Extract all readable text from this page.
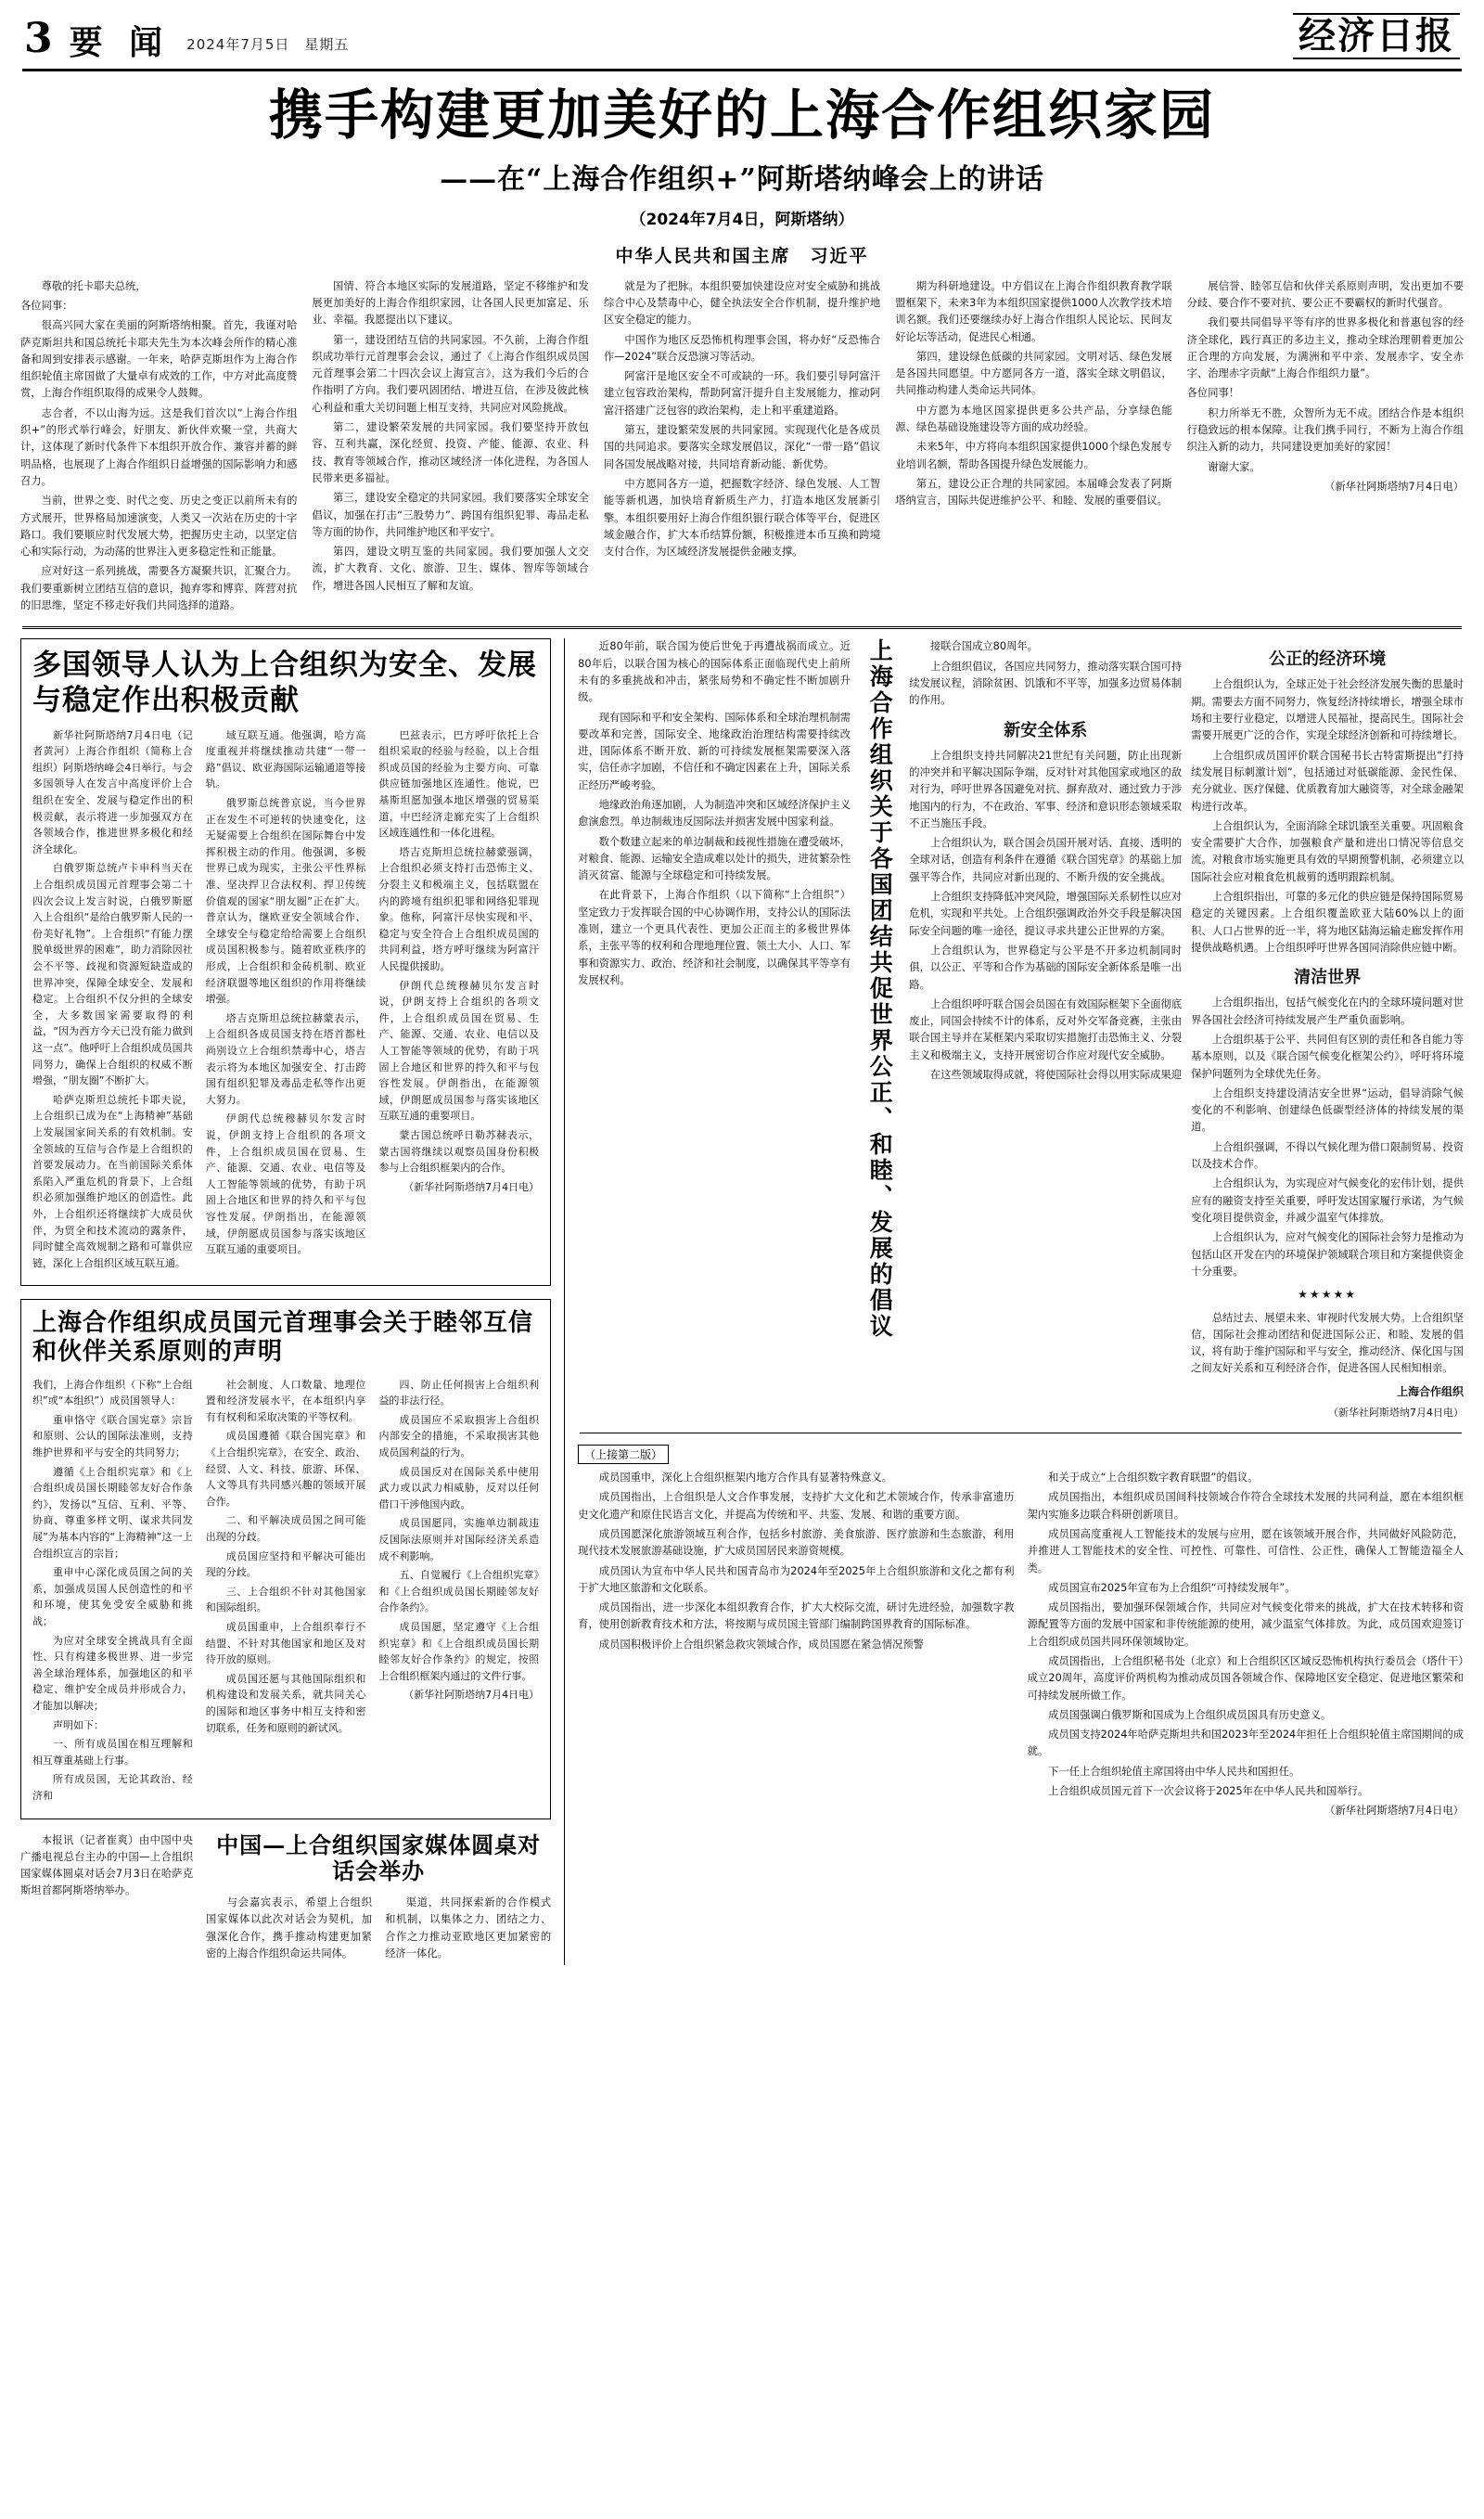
3 要 闻 2024年7月5日　星期五	经济日报
携手构建更加美好的上海合作组织家园
——在“上海合作组织+”阿斯塔纳峰会上的讲话
（2024年7月4日，阿斯塔纳）
中华人民共和国主席　习近平

尊敬的托卡耶夫总统，

各位同事：

很高兴同大家在美丽的阿斯塔纳相聚。首先，我谨对哈萨克斯坦共和国总统托卡耶夫先生为本次峰会所作的精心准备和周到安排表示感谢。一年来，哈萨克斯坦作为上海合作组织轮值主席国做了大量卓有成效的工作，中方对此高度赞赏，上海合作组织取得的成果令人鼓舞。

志合者，不以山海为远。这是我们首次以“上海合作组织+”的形式举行峰会，好朋友、新伙伴欢聚一堂，共商大计，这体现了新时代条件下本组织开放合作、兼容并蓄的鲜明品格，也展现了上海合作组织日益增强的国际影响力和感召力。

当前，世界之变、时代之变、历史之变正以前所未有的方式展开，世界格局加速演变，人类又一次站在历史的十字路口。我们要顺应时代发展大势，把握历史主动，以坚定信心和实际行动，为动荡的世界注入更多稳定性和正能量。

应对好这一系列挑战，需要各方凝聚共识，汇聚合力。我们要重新树立团结互信的意识，抛弃零和博弈、阵营对抗的旧思维，坚定不移走好我们共同选择的道路。

国情、符合本地区实际的发展道路，坚定不移维护和发展更加美好的上海合作组织家园，让各国人民更加富足、乐业、幸福。我愿提出以下建议。

第一，建设团结互信的共同家园。不久前，上海合作组织成功举行元首理事会会议，通过了《上海合作组织成员国元首理事会第二十四次会议上海宣言》，这为我们今后的合作指明了方向。我们要巩固团结、增进互信，在涉及彼此核心利益和重大关切问题上相互支持，共同应对风险挑战。

第二，建设繁荣发展的共同家园。我们要坚持开放包容、互利共赢，深化经贸、投资、产能、能源、农业、科技、教育等领域合作，推动区域经济一体化进程，为各国人民带来更多福祉。

第三，建设安全稳定的共同家园。我们要落实全球安全倡议，加强在打击“三股势力”、跨国有组织犯罪、毒品走私等方面的协作，共同维护地区和平安宁。

第四，建设文明互鉴的共同家园。我们要加强人文交流，扩大教育、文化、旅游、卫生、媒体、智库等领域合作，增进各国人民相互了解和友谊。

就是为了把脉。本组织要加快建设应对安全威胁和挑战综合中心及禁毒中心，健全执法安全合作机制，提升维护地区安全稳定的能力。

中国作为地区反恐怖机构理事会国，将办好“反恐怖合作—2024”联合反恐演习等活动。

阿富汗是地区安全不可或缺的一环。我们要引导阿富汗建立包容政治架构，帮助阿富汗提升自主发展能力，推动阿富汗搭建广泛包容的政治架构，走上和平重建道路。

第五，建设繁荣发展的共同家园。实现现代化是各成员国的共同追求。要落实全球发展倡议，深化“一带一路”倡议同各国发展战略对接，共同培育新动能、新优势。

中方愿同各方一道，把握数字经济、绿色发展、人工智能等新机遇，加快培育新质生产力，打造本地区发展新引擎。本组织要用好上海合作组织银行联合体等平台，促进区域金融合作，扩大本币结算份额，积极推进本币互换和跨境支付合作，为区域经济发展提供金融支撑。

期为科研地建设。中方倡议在上海合作组织教育教学联盟框架下，未来3年为本组织国家提供1000人次教学技术培训名额。我们还要继续办好上海合作组织人民论坛、民间友好论坛等活动，促进民心相通。

第四，建设绿色低碳的共同家园。文明对话、绿色发展是各国共同愿望。中方愿同各方一道，落实全球文明倡议，共同推动构建人类命运共同体。

中方愿为本地区国家提供更多公共产品，分享绿色能源、绿色基础设施建设等方面的成功经验。

未来5年，中方将向本组织国家提供1000个绿色发展专业培训名额，帮助各国提升绿色发展能力。

第五，建设公正合理的共同家园。本届峰会发表了阿斯塔纳宣言，国际共促进维护公平、和睦、发展的重要倡议。

展信誉、睦邻互信和伙伴关系原则声明，发出更加不要分歧、要合作不要对抗、要公正不要霸权的新时代强音。

我们要共同倡导平等有序的世界多极化和普惠包容的经济全球化，践行真正的多边主义，推动全球治理朝着更加公正合理的方向发展，为满洲和平中亲、发展赤字、安全赤字、治理赤字贡献“上海合作组织力量”。

各位同事！

积力所举无不胜，众智所为无不成。团结合作是本组织行稳致远的根本保障。让我们携手同行，不断为上海合作组织注入新的动力，共同建设更加美好的家园！

谢谢大家。

（新华社阿斯塔纳7月4日电）

多国领导人认为上合组织为安全、发展与稳定作出积极贡献

新华社阿斯塔纳7月4日电（记者黄河）上海合作组织（简称上合组织）阿斯塔纳峰会4日举行。与会多国领导人在发言中高度评价上合组织在安全、发展与稳定作出的积极贡献，表示将进一步加强双方在各领域合作，推进世界多极化和经济全球化。

白俄罗斯总统卢卡申科当天在上合组织成员国元首理事会第二十四次会议上发言时说，白俄罗斯愿入上合组织“是给白俄罗斯人民的一份美好礼物”。上合组织“有能力摆脱单级世界的困难”，助力消除因社会不平等、歧视和资源短缺造成的世界冲突，保障全球安全、发展和稳定。上合组织不仅分担的全球安全，大多数国家需要取得的利益，“因为西方今天已没有能力做到这一点”。他呼吁上合组织成员国共同努力，确保上合组织的权威不断增强，“朋友圈”不断扩大。

哈萨克斯坦总统托卡耶夫说，上合组织已成为在“上海精神”基础上发展国家间关系的有效机制。安全领域的互信与合作是上合组织的首要发展动力。在当前国际关系体系陷入严重危机的背景下，上合组织必须加强维护地区的创造性。此外，上合组织还将继续扩大成员伙伴，为贸全和技术流动的露条件，同时健全高效规制之路和可靠供应链，深化上合组织区域互联互通。

域互联互通。他强调，哈方高度重视并将继续推动共建“一带一路”倡议、欧亚海国际运输通道等接轨。

俄罗斯总统普京说，当今世界正在发生不可逆转的快速变化，这无疑需要上合组织在国际舞台中发挥积极主动的作用。他强调，多极世界已成为现实，主张公平性界标准、坚决捍卫合法权利、捍卫传统价值观的国家“朋友圈”正在扩大。普京认为，继欧亚安全领域合作、全球安全与稳定给给需要上合组织成员国积极参与。随着欧亚秩序的形成，上合组织和金砖机制、欧亚经济联盟等地区组织的作用将继续增强。

塔吉克斯坦总统拉赫蒙表示，上合组织各成员国支持在塔首都杜尚别设立上合组织禁毒中心，塔吉表示将为本地区加强安全、打击跨国有组织犯罪及毒品走私等作出更大努力。

伊朗代总统穆赫贝尔发言时说，伊朗支持上合组织的各项文件，上合组织成员国在贸易、生产、能源、交通、农业、电信等及人工智能等领域的优势，有助于巩固上合地区和世界的持久和平与包容性发展。伊朗指出，在能源领域，伊朗愿成员国参与落实该地区互联互通的重要项目。

巴兹表示，巴方呼吁依托上合组织采取的经验与经验，以上合组织成员国的经验为主要方向、可靠供应链加强地区连通性。他说，巴基斯坦愿加强本地区增强的贸易渠道，中巴经济走廊充实了上合组织区域连通性和一体化进程。

塔吉克斯坦总统拉赫蒙强调，上合组织必须支持打击恐怖主义、分裂主义和极端主义，包括联盟在内的跨境有组织犯罪和网络犯罪现象。他称，阿富汗尽快实现和平、稳定与安全符合上合组织成员国的共同利益，塔方呼吁继续为阿富汗人民提供援助。

伊朗代总统穆赫贝尔发言时说，伊朗支持上合组织的各项文件，上合组织成员国在贸易、生产、能源、交通、农业、电信以及人工智能等领域的优势，有助于巩固上合地区和世界的持久和平与包容性发展。伊朗指出，在能源领域，伊朗愿成员国参与落实该地区互联互通的重要项目。

蒙古国总统呼日勒苏赫表示，蒙古国将继续以观察员国身份积极参与上合组织框架内的合作。

（新华社阿斯塔纳7月4日电）

上海合作组织成员国元首理事会关于睦邻互信和伙伴关系原则的声明

我们，上海合作组织（下称“上合组织”或“本组织”）成员国领导人：

重申恪守《联合国宪章》宗旨和原则、公认的国际法准则，支持维护世界和平与安全的共同努力；

遵循《上合组织宪章》和《上合组织成员国长期睦邻友好合作条约》，发扬以“互信、互利、平等、协商、尊重多样文明、谋求共同发展”为基本内容的“上海精神”这一上合组织宣言的宗旨；

重申中心深化成员国之间的关系，加强成员国人民创造性的和平和环境，使其免受安全威胁和挑战；

为应对全球安全挑战具有全面性、只有构建多极世界、进一步完善全球治理体系，加强地区的和平稳定、维护安全成员并形成合力，才能加以解决；

声明如下：

一、所有成员国在相互理解和相互尊重基础上行事。

所有成员国，无论其政治、经济和

社会制度、人口数量、地理位置和经济发展水平，在本组织内享有有权利和采取决策的平等权利。

成员国遵循《联合国宪章》和《上合组织宪章》，在安全、政治、经贸、人文、科技、旅游、环保、人文等具有共同感兴趣的领域开展合作。

二、和平解决成员国之间可能出现的分歧。

成员国应坚持和平解决可能出现的分歧。

三、上合组织不针对其他国家和国际组织。

成员国重申，上合组织奉行不结盟、不针对其他国家和地区及对待开放的原则。

成员国还愿与其他国际组织和机构建设和发展关系，就共同关心的国际和地区事务中相互支持和密切联系，任务和原则的新试风。

四、防止任何损害上合组织利益的非法行径。

成员国应不采取损害上合组织内部安全的措施，不采取损害其他成员国利益的行为。

成员国反对在国际关系中使用武力或以武力相威胁，反对以任何借口干涉他国内政。

成员国愿同，实施单边制裁违反国际法原则并对国际经济关系造成不利影响。

五、自觉履行《上合组织宪章》和《上合组织成员国长期睦邻友好合作条约》。

成员国愿，坚定遵守《上合组织宪章》和《上合组织成员国长期睦邻友好合作条约》的规定，按照上合组织框架内通过的文件行事。

（新华社阿斯塔纳7月4日电）

本报讯（记者崔爽）由中国中央广播电视总台主办的中国—上合组织国家媒体圆桌对话会7月3日在哈萨克斯坦首都阿斯塔纳举办。

中国—上合组织国家媒体圆桌对话会举办

与会嘉宾表示，希望上合组织国家媒体以此次对话会为契机，加强深化合作，携手推动构建更加紧密的上海合作组织命运共同体。

渠道，共同探索新的合作模式和机制，以集体之力、团结之力、合作之力推动亚欧地区更加紧密的经济一体化。

近80年前，联合国为使后世免于再遭战祸而成立。近80年后，以联合国为核心的国际体系正面临现代史上前所未有的多重挑战和冲击，紧张局势和不确定性不断加剧升级。

现有国际和平和安全架构、国际体系和全球治理机制需要改革和完善，国际安全、地缘政治治理结构需要持续改进，国际体系不断开放、新的可持续发展框架需要深入落实，信任赤字加剧，不信任和不确定因素在上升，国际关系正经历严峻考验。

地缘政治角逐加剧，人为制造冲突和区域经济保护主义愈演愈烈。单边制裁违反国际法并损害发展中国家利益。

数个数建立起来的单边制裁和歧视性措施在遭受破坏，对粮食、能源、运输安全造成难以处计的损失，进贫繁杂性消灭贫富、能源与全球稳定和可持续发展。

在此背景下，上海合作组织（以下简称“上合组织”）坚定致力于发挥联合国的中心协调作用，支持公认的国际法准则，建立一个更具代表性、更加公正而主的多极世界体系，主张平等的权利和合理地理位置、领土大小、人口、军事和资源实力、政治、经济和社会制度，以确保其平等享有发展权利。	上海合作组织关于各国团结共促世界公正、和睦、发展的倡议	接联合国成立80周年。

上合组织倡议，各国应共同努力，推动落实联合国可持续发展议程，消除贫困、饥饿和不平等，加强多边贸易体制的作用。

新安全体系

上合组织支持共同解决21世纪有关问题，防止出现新的冲突并和平解决国际争端，反对针对其他国家或地区的敌对行为，呼吁世界各国避免对抗、摒弃敌对、通过致力于涉地国内的行为，不在政治、军事、经济和意识形态领域采取不正当施压手段。

上合组织认为，联合国会员国开展对话、直接、透明的全球对话，创造有利条件在遵循《联合国宪章》的基础上加强平等合作，共同应对新出现的、不断升级的安全挑战。

上合组织支持降低冲突风险，增强国际关系韧性以应对危机，实现和平共处。上合组织强调政治外交手段是解决国际安全问题的唯一途径，提议寻求共建公正世界的方案。

上合组织认为，世界稳定与公平是不开多边机制同时俱，以公正、平等和合作为基础的国际安全新体系是唯一出路。

上合组织呼吁联合国会员国在有效国际框架下全面彻底废止，同国会持续不计的体系，反对外交军备竞赛，主张由联合国主导并在某框架内采取切实措施打击恐怖主义、分裂主义和极端主义，支持开展密切合作应对现代安全威胁。

在这些领域取得成就，将使国际社会得以用实际成果迎

公正的经济环境

上合组织认为，全球正处于社会经济发展失衡的思量时期。需要去方面不同努力，恢复经济持续增长，增强全球市场和主要行业稳定，以增进人民福祉，提高民生。国际社会需要开展更广泛的合作，实现全球经济创新和可持续增长。

上合组织成员国评价联合国秘书长古特雷斯提出“打持续发展目标刺激计划”，包括通过对低碳能源、金民性保、充分就业、医疗保健、优质教育加大融资等，对全球金融架构进行改革。

上合组织认为，全面消除全球饥饿至关重要。巩固粮食安全需要扩大合作，加强粮食产量和进出口情况等信息交流。对粮食市场实施更具有效的早期预警机制，必须建立以国际社会应对粮食危机裁剪的透明跟踪机制。

上合组织指出，可靠的多元化的供应链是保持国际贸易稳定的关键因素。上合组织覆盖欧亚大陆60%以上的面积、人口占世界的近一半，将为地区陆海运输走廊发挥作用提供战略机遇。上合组织呼吁世界各国同消除供应链中断。

清洁世界

上合组织指出，包括气候变化在内的全球环境问题对世界各国社会经济可持续发展产生严重负面影响。

上合组织基于公平、共同但有区别的责任和各自能力等基本原则，以及《联合国气候变化框架公约》，呼吁将环境保护问题列为全球优先任务。

上合组织支持建设清洁安全世界“运动，倡导消除气候变化的不利影响、创建绿色低碳型经济体的持续发展的渠道。

上合组织强调，不得以气候化理为借口限制贸易、投资以及技术合作。

上合组织认为，为实现应对气候变化的宏伟计划，提供应有的融资支持至关重要，呼吁发达国家履行承诺，为气候变化项目提供资金，并减少温室气体排放。

上合组织认为，应对气候变化的国际社会努力是推动为包括山区开发在内的环境保护领域联合项目和方案提供资金十分重要。

★★★★★

总结过去、展望未来、审视时代发展大势。上合组织坚信，国际社会推动团结和促进国际公正、和睦、发展的倡议，将有助于维护国际和平与安全，推动经济、保化国与国之间友好关系和互利经济合作，促进各国人民相知相亲。

上海合作组织
（新华社阿斯塔纳7月4日电）
（上接第二版）

成员国重申，深化上合组织框架内地方合作具有显著特殊意义。

成员国指出，上合组织是人文合作事发展，支持扩大文化和艺术领域合作，传承非富遗历史文化遗产和原住民语言文化，并提高为传统和平、共鉴、发展、和谐的重要方面。

成员国愿深化旅游领域互利合作，包括乡村旅游、美食旅游、医疗旅游和生态旅游，利用现代技术发展旅游基础设施，扩大成员国居民来游资规模。

成员国认为宣布中华人民共和国青岛市为2024年至2025年上合组织旅游和文化之都有利于扩大地区旅游和文化联系。

成员国指出，进一步深化本组织教育合作，扩大大校际交流，研讨先进经验，加强数字教育，使用创新教育技术和方法，将按期与成员国主管部门编制跨国界教育的国际标准。

成员国积极评价上合组织紧急救灾领域合作，成员国愿在紧急情况预警

和关于成立“上合组织数字教育联盟”的倡议。

成员国指出，本组织成员国间科技领域合作符合全球技术发展的共同利益，愿在本组织框架内实施多边联合科研创新项目。

成员国高度重视人工智能技术的发展与应用，愿在该领域开展合作，共同做好风险防范，并推进人工智能技术的安全性、可控性、可靠性、可信性、公正性，确保人工智能造福全人类。

成员国宣布2025年宣布为上合组织“可持续发展年”。

成员国指出，要加强环保领域合作，共同应对气候变化带来的挑战，扩大在技术转移和资源配置等方面的发展中国家和非传统能源的使用，减少温室气体排放。为此，成员国欢迎签订上合组织成员国共同环保领域协定。

成员国指出，上合组织秘书处（北京）和上合组织区区域反恐怖机构执行委员会（塔什干）成立20周年，高度评价两机构为推动成员国各领域合作、保障地区安全稳定、促进地区繁荣和可持续发展所做工作。

成员国强调白俄罗斯和国成为上合组织成员国具有历史意义。

成员国支持2024年哈萨克斯坦共和国2023年至2024年担任上合组织轮值主席国期间的成就。

下一任上合组织轮值主席国将由中华人民共和国担任。

上合组织成员国元首下一次会议将于2025年在中华人民共和国举行。

（新华社阿斯塔纳7月4日电）
